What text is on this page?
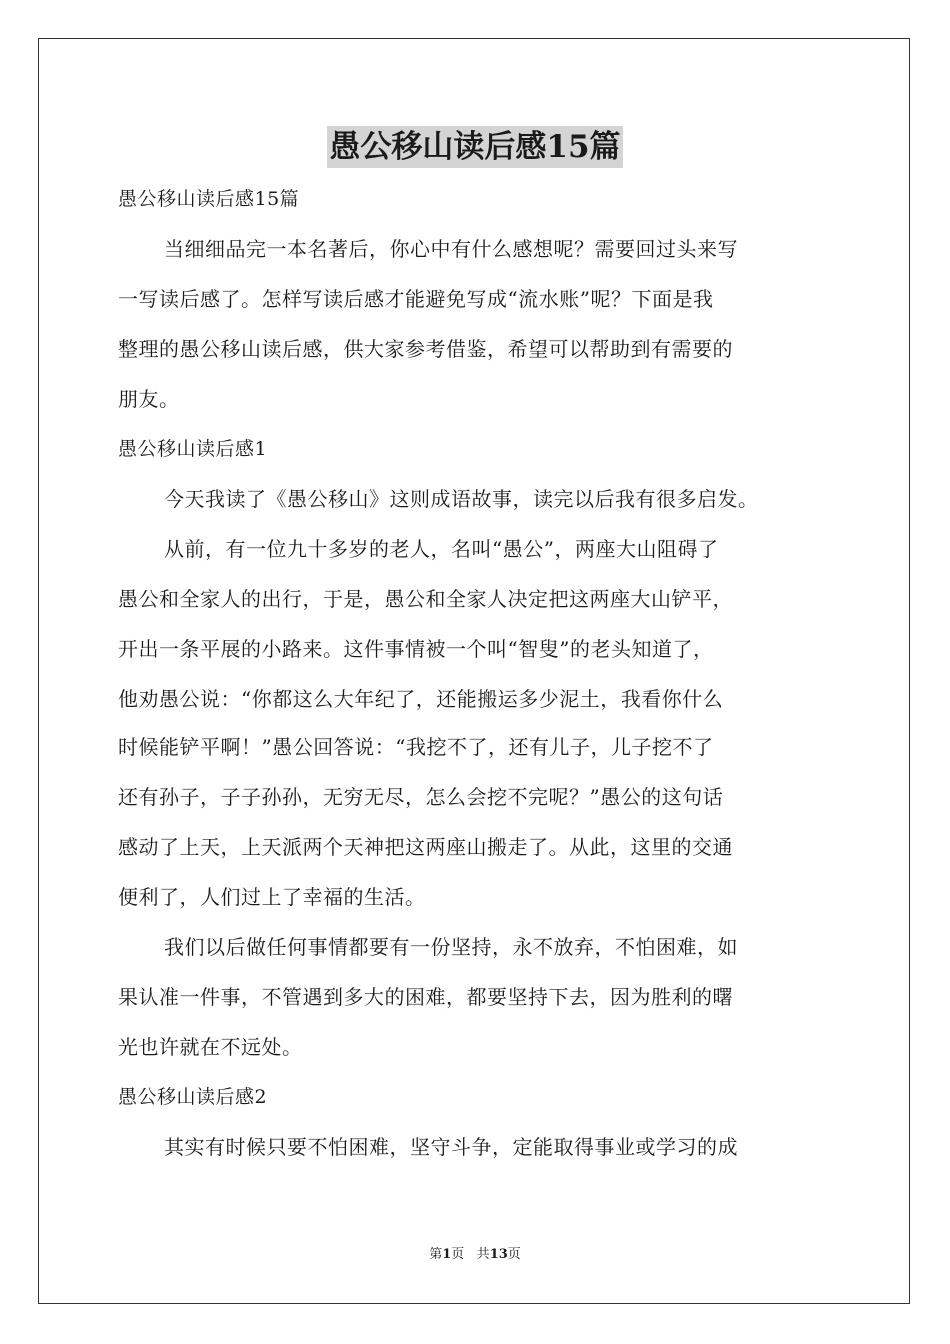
愚公移山读后感15篇
愚公移山读后感15篇
当细细品完一本名著后，你心中有什么感想呢？需要回过头来写
一写读后感了。怎样写读后感才能避免写成“流水账”呢？下面是我
整理的愚公移山读后感，供大家参考借鉴，希望可以帮助到有需要的
朋友。
愚公移山读后感1
今天我读了《愚公移山》这则成语故事，读完以后我有很多启发。
从前，有一位九十多岁的老人，名叫“愚公”，两座大山阻碍了
愚公和全家人的出行，于是，愚公和全家人决定把这两座大山铲平，
开出一条平展的小路来。这件事情被一个叫“智叟”的老头知道了，
他劝愚公说：“你都这么大年纪了，还能搬运多少泥土，我看你什么
时候能铲平啊！”愚公回答说：“我挖不了，还有儿子，儿子挖不了
还有孙子，子子孙孙，无穷无尽，怎么会挖不完呢？”愚公的这句话
感动了上天，上天派两个天神把这两座山搬走了。从此，这里的交通
便利了，人们过上了幸福的生活。
我们以后做任何事情都要有一份坚持，永不放弃，不怕困难，如
果认准一件事，不管遇到多大的困难，都要坚持下去，因为胜利的曙
光也许就在不远处。
愚公移山读后感2
其实有时候只要不怕困难，坚守斗争，定能取得事业或学习的成
第1页 共13页
